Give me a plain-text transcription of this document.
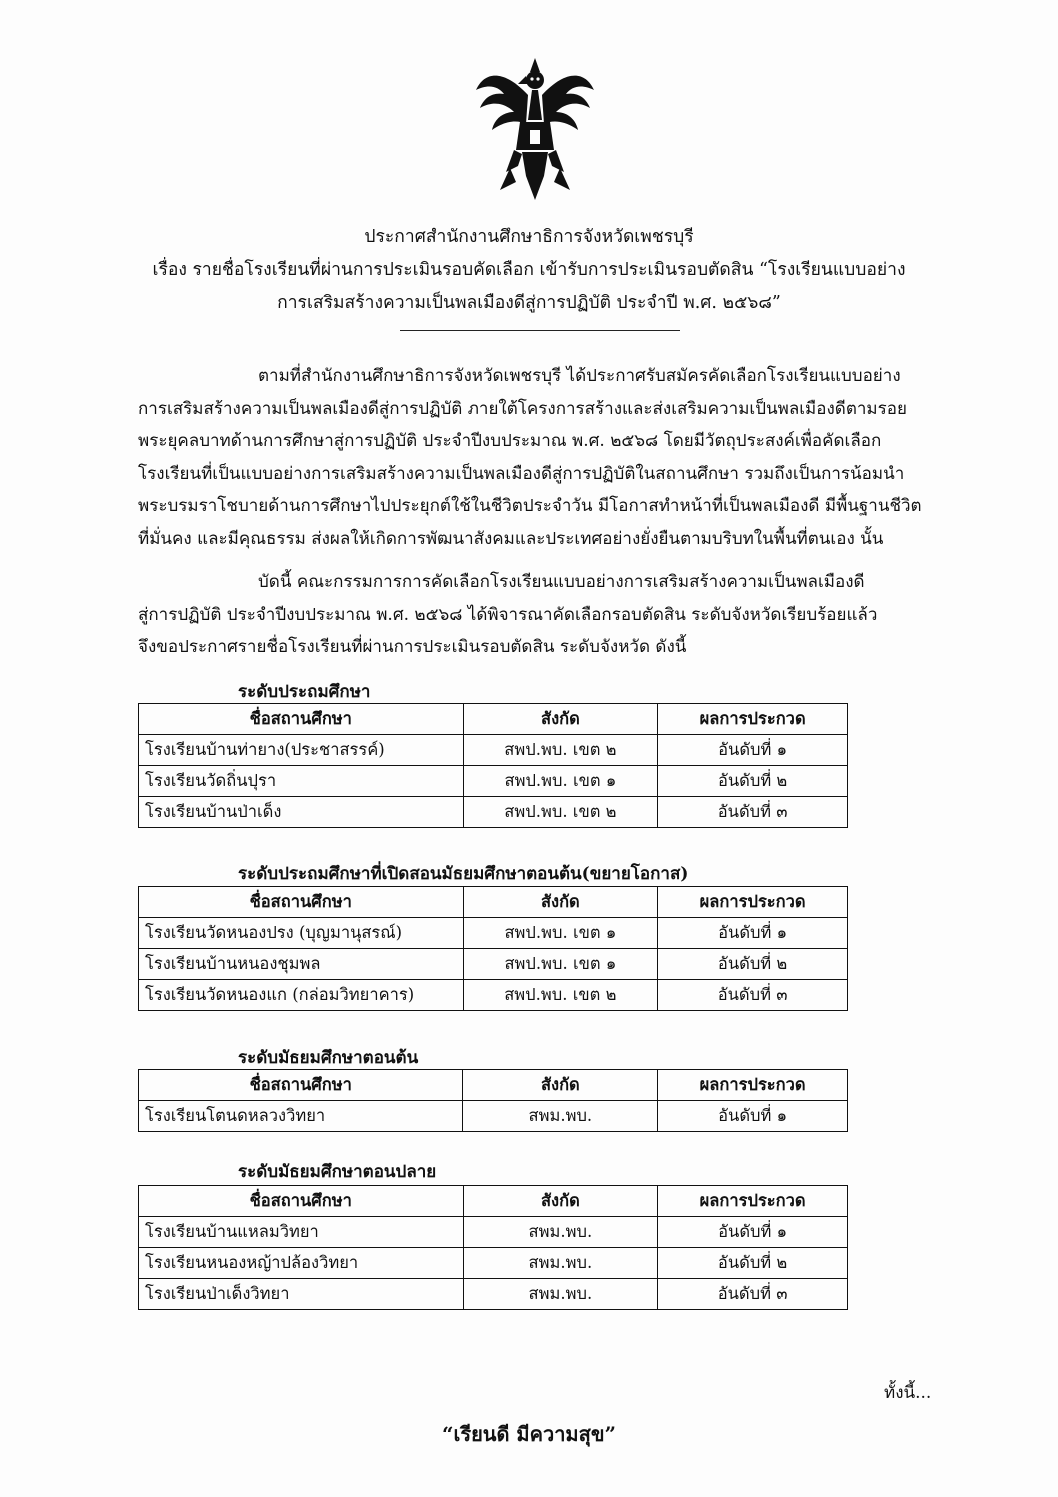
ประกาศสำนักงานศึกษาธิการจังหวัดเพชรบุรี
เรื่อง รายชื่อโรงเรียนที่ผ่านการประเมินรอบคัดเลือก เข้ารับการประเมินรอบตัดสิน “โรงเรียนแบบอย่าง
การเสริมสร้างความเป็นพลเมืองดีสู่การปฏิบัติ ประจำปี พ.ศ. ๒๕๖๘”
ตามที่สำนักงานศึกษาธิการจังหวัดเพชรบุรี ได้ประกาศรับสมัครคัดเลือกโรงเรียนแบบอย่าง
การเสริมสร้างความเป็นพลเมืองดีสู่การปฏิบัติ ภายใต้โครงการสร้างและส่งเสริมความเป็นพลเมืองดีตามรอย
พระยุคลบาทด้านการศึกษาสู่การปฏิบัติ ประจำปีงบประมาณ พ.ศ. ๒๕๖๘ โดยมีวัตถุประสงค์เพื่อคัดเลือก
โรงเรียนที่เป็นแบบอย่างการเสริมสร้างความเป็นพลเมืองดีสู่การปฏิบัติในสถานศึกษา รวมถึงเป็นการน้อมนำ
พระบรมราโชบายด้านการศึกษาไปประยุกต์ใช้ในชีวิตประจำวัน มีโอกาสทำหน้าที่เป็นพลเมืองดี มีพื้นฐานชีวิต
ที่มั่นคง และมีคุณธรรม ส่งผลให้เกิดการพัฒนาสังคมและประเทศอย่างยั่งยืนตามบริบทในพื้นที่ตนเอง นั้น
บัดนี้ คณะกรรมการการคัดเลือกโรงเรียนแบบอย่างการเสริมสร้างความเป็นพลเมืองดี
สู่การปฏิบัติ ประจำปีงบประมาณ พ.ศ. ๒๕๖๘ ได้พิจารณาคัดเลือกรอบตัดสิน ระดับจังหวัดเรียบร้อยแล้ว
จึงขอประกาศรายชื่อโรงเรียนที่ผ่านการประเมินรอบตัดสิน ระดับจังหวัด ดังนี้
ระดับประถมศึกษา
ชื่อสถานศึกษา	สังกัด	ผลการประกวด
โรงเรียนบ้านท่ายาง(ประชาสรรค์)	สพป.พบ. เขต ๒	อันดับที่ ๑
โรงเรียนวัดถิ่นปุรา	สพป.พบ. เขต ๑	อันดับที่ ๒
โรงเรียนบ้านป่าเด็ง	สพป.พบ. เขต ๒	อันดับที่ ๓
ระดับประถมศึกษาที่เปิดสอนมัธยมศึกษาตอนต้น(ขยายโอกาส)
ชื่อสถานศึกษา	สังกัด	ผลการประกวด
โรงเรียนวัดหนองปรง (บุญมานุสรณ์)	สพป.พบ. เขต ๑	อันดับที่ ๑
โรงเรียนบ้านหนองชุมพล	สพป.พบ. เขต ๑	อันดับที่ ๒
โรงเรียนวัดหนองแก (กล่อมวิทยาคาร)	สพป.พบ. เขต ๒	อันดับที่ ๓
ระดับมัธยมศึกษาตอนต้น
ชื่อสถานศึกษา	สังกัด	ผลการประกวด
โรงเรียนโตนดหลวงวิทยา	สพม.พบ.	อันดับที่ ๑
ระดับมัธยมศึกษาตอนปลาย
ชื่อสถานศึกษา	สังกัด	ผลการประกวด
โรงเรียนบ้านแหลมวิทยา	สพม.พบ.	อันดับที่ ๑
โรงเรียนหนองหญ้าปล้องวิทยา	สพม.พบ.	อันดับที่ ๒
โรงเรียนป่าเด็งวิทยา	สพม.พบ.	อันดับที่ ๓
ทั้งนี้...
“เรียนดี มีความสุข”
